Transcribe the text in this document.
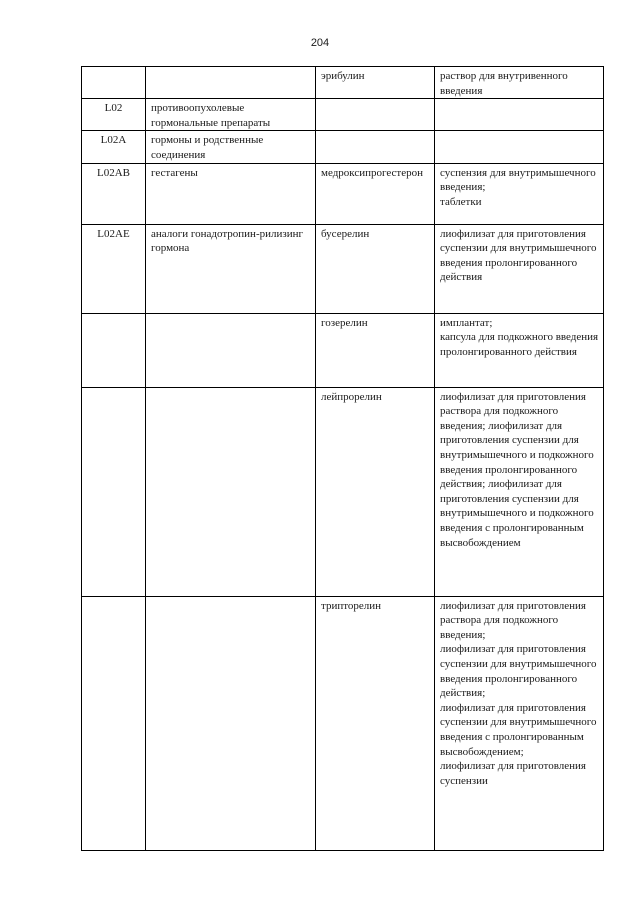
204
		эрибулин	раствор для внутривенного введения

L02	противоопухолевые гормональные препараты		
L02A	гормоны и родственные соединения		
L02AB	гестагены	медроксипрогестерон	суспензия для внутримышечного введения;
таблетки

L02AE	аналоги гонадотропин-рилизинг гормона	бусерелин	лиофилизат для приготовления суспензии для внутримышечного введения пролонгированного действия

		гозерелин	имплантат;
капсула для подкожного введения пролонгированного действия

		лейпрорелин	лиофилизат для приготовления раствора для подкожного введения; лиофилизат для приготовления суспензии для внутримышечного и подкожного введения пролонгированного действия; лиофилизат для приготовления суспензии для внутримышечного и подкожного введения с пролонгированным высвобождением

		трипторелин	лиофилизат для приготовления раствора для подкожного введения;
лиофилизат для приготовления суспензии для внутримышечного введения пролонгированного действия;
лиофилизат для приготовления суспензии для внутримышечного введения с пролонгированным высвобождением;
лиофилизат для приготовления суспензии
